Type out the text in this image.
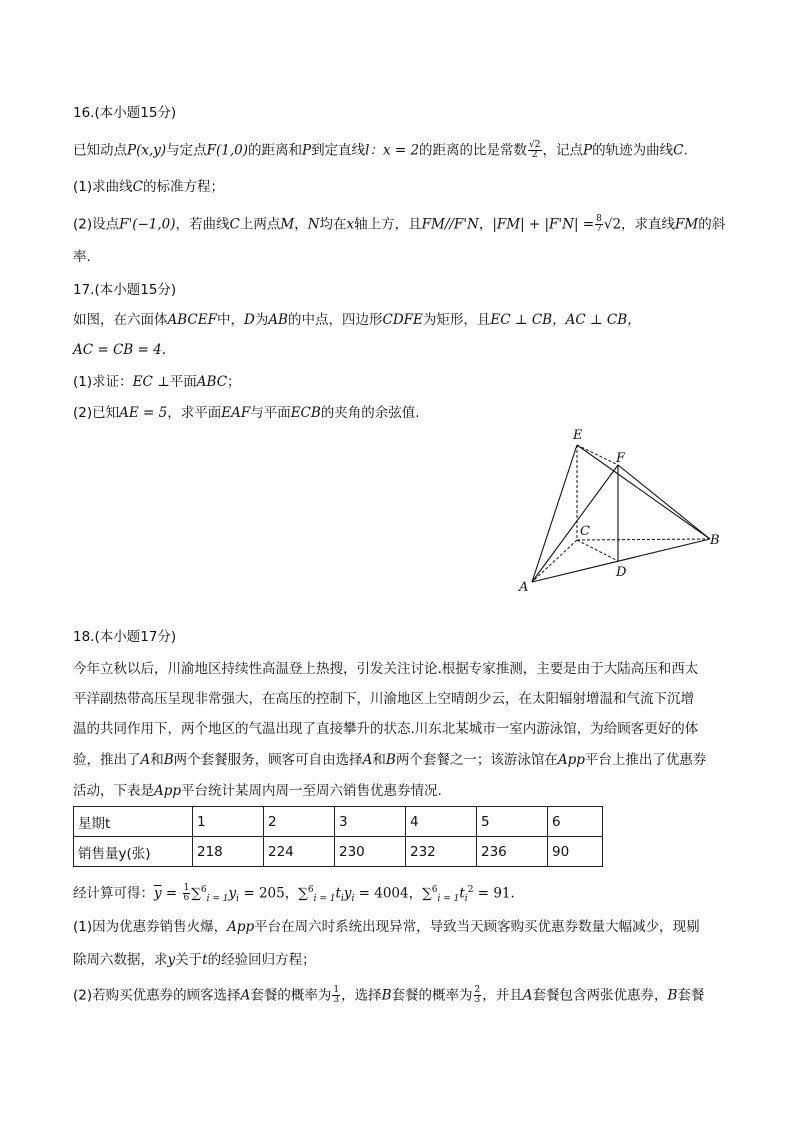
16.(本小题15分)
已知动点P(x,y)与定点F(1,0)的距离和P到定直线l：x = 2的距离的比是常数 $\frac{√2}{2}$ ，记点P的轨迹为曲线C.
(1)求曲线C的标准方程；
(2)设点F'(−1,0)，若曲线C上两点M，N均在x轴上方，且FM//F'N，$|FM| + |F'N| = \frac{8}{7} √2$，求直线FM的斜
率.
17.(本小题15分)
如图，在六面体ABCEF中，D为AB的中点，四边形CDFE为矩形，且EC ⊥ CB，AC ⊥ CB，
AC = CB = 4.
(1)求证：EC ⊥平面ABC；
(2)已知AE = 5，求平面EAF与平面ECB的夹角的余弦值.
E
F
C
B
D
A
18.(本小题17分)
今年立秋以后，川渝地区持续性高温登上热搜，引发关注讨论.根据专家推测，主要是由于大陆高压和西太
平洋副热带高压呈现非常强大，在高压的控制下，川渝地区上空晴朗少云，在太阳辐射增温和气流下沉增
温的共同作用下，两个地区的气温出现了直接攀升的状态.川东北某城市一室内游泳馆，为给顾客更好的体
验，推出了A和B两个套餐服务，顾客可自由选择A和B两个套餐之一；该游泳馆在App平台上推出了优惠券
活动，下表是App平台统计某周内周一至周六销售优惠券情况.
星期t	1	2	3	4	5	6
销售量y(张)	218	224	230	232	236	90
经计算可得：$\overline{y} = \frac{1}{6} \sum^6_{i = 1}y_i = 205$，$\sum^6_{i = 1}t_iy_i = 4004$，$\sum^6_{i = 1}t_i^2 = 91$.
(1)因为优惠券销售火爆，App平台在周六时系统出现异常，导致当天顾客购买优惠券数量大幅减少，现剔
除周六数据，求y关于t的经验回归方程；
(2)若购买优惠券的顾客选择A套餐的概率为 $\frac{1}{3}$ ，选择B套餐的概率为 $\frac{2}{3}$ ，并且A套餐包含两张优惠券，B套餐
